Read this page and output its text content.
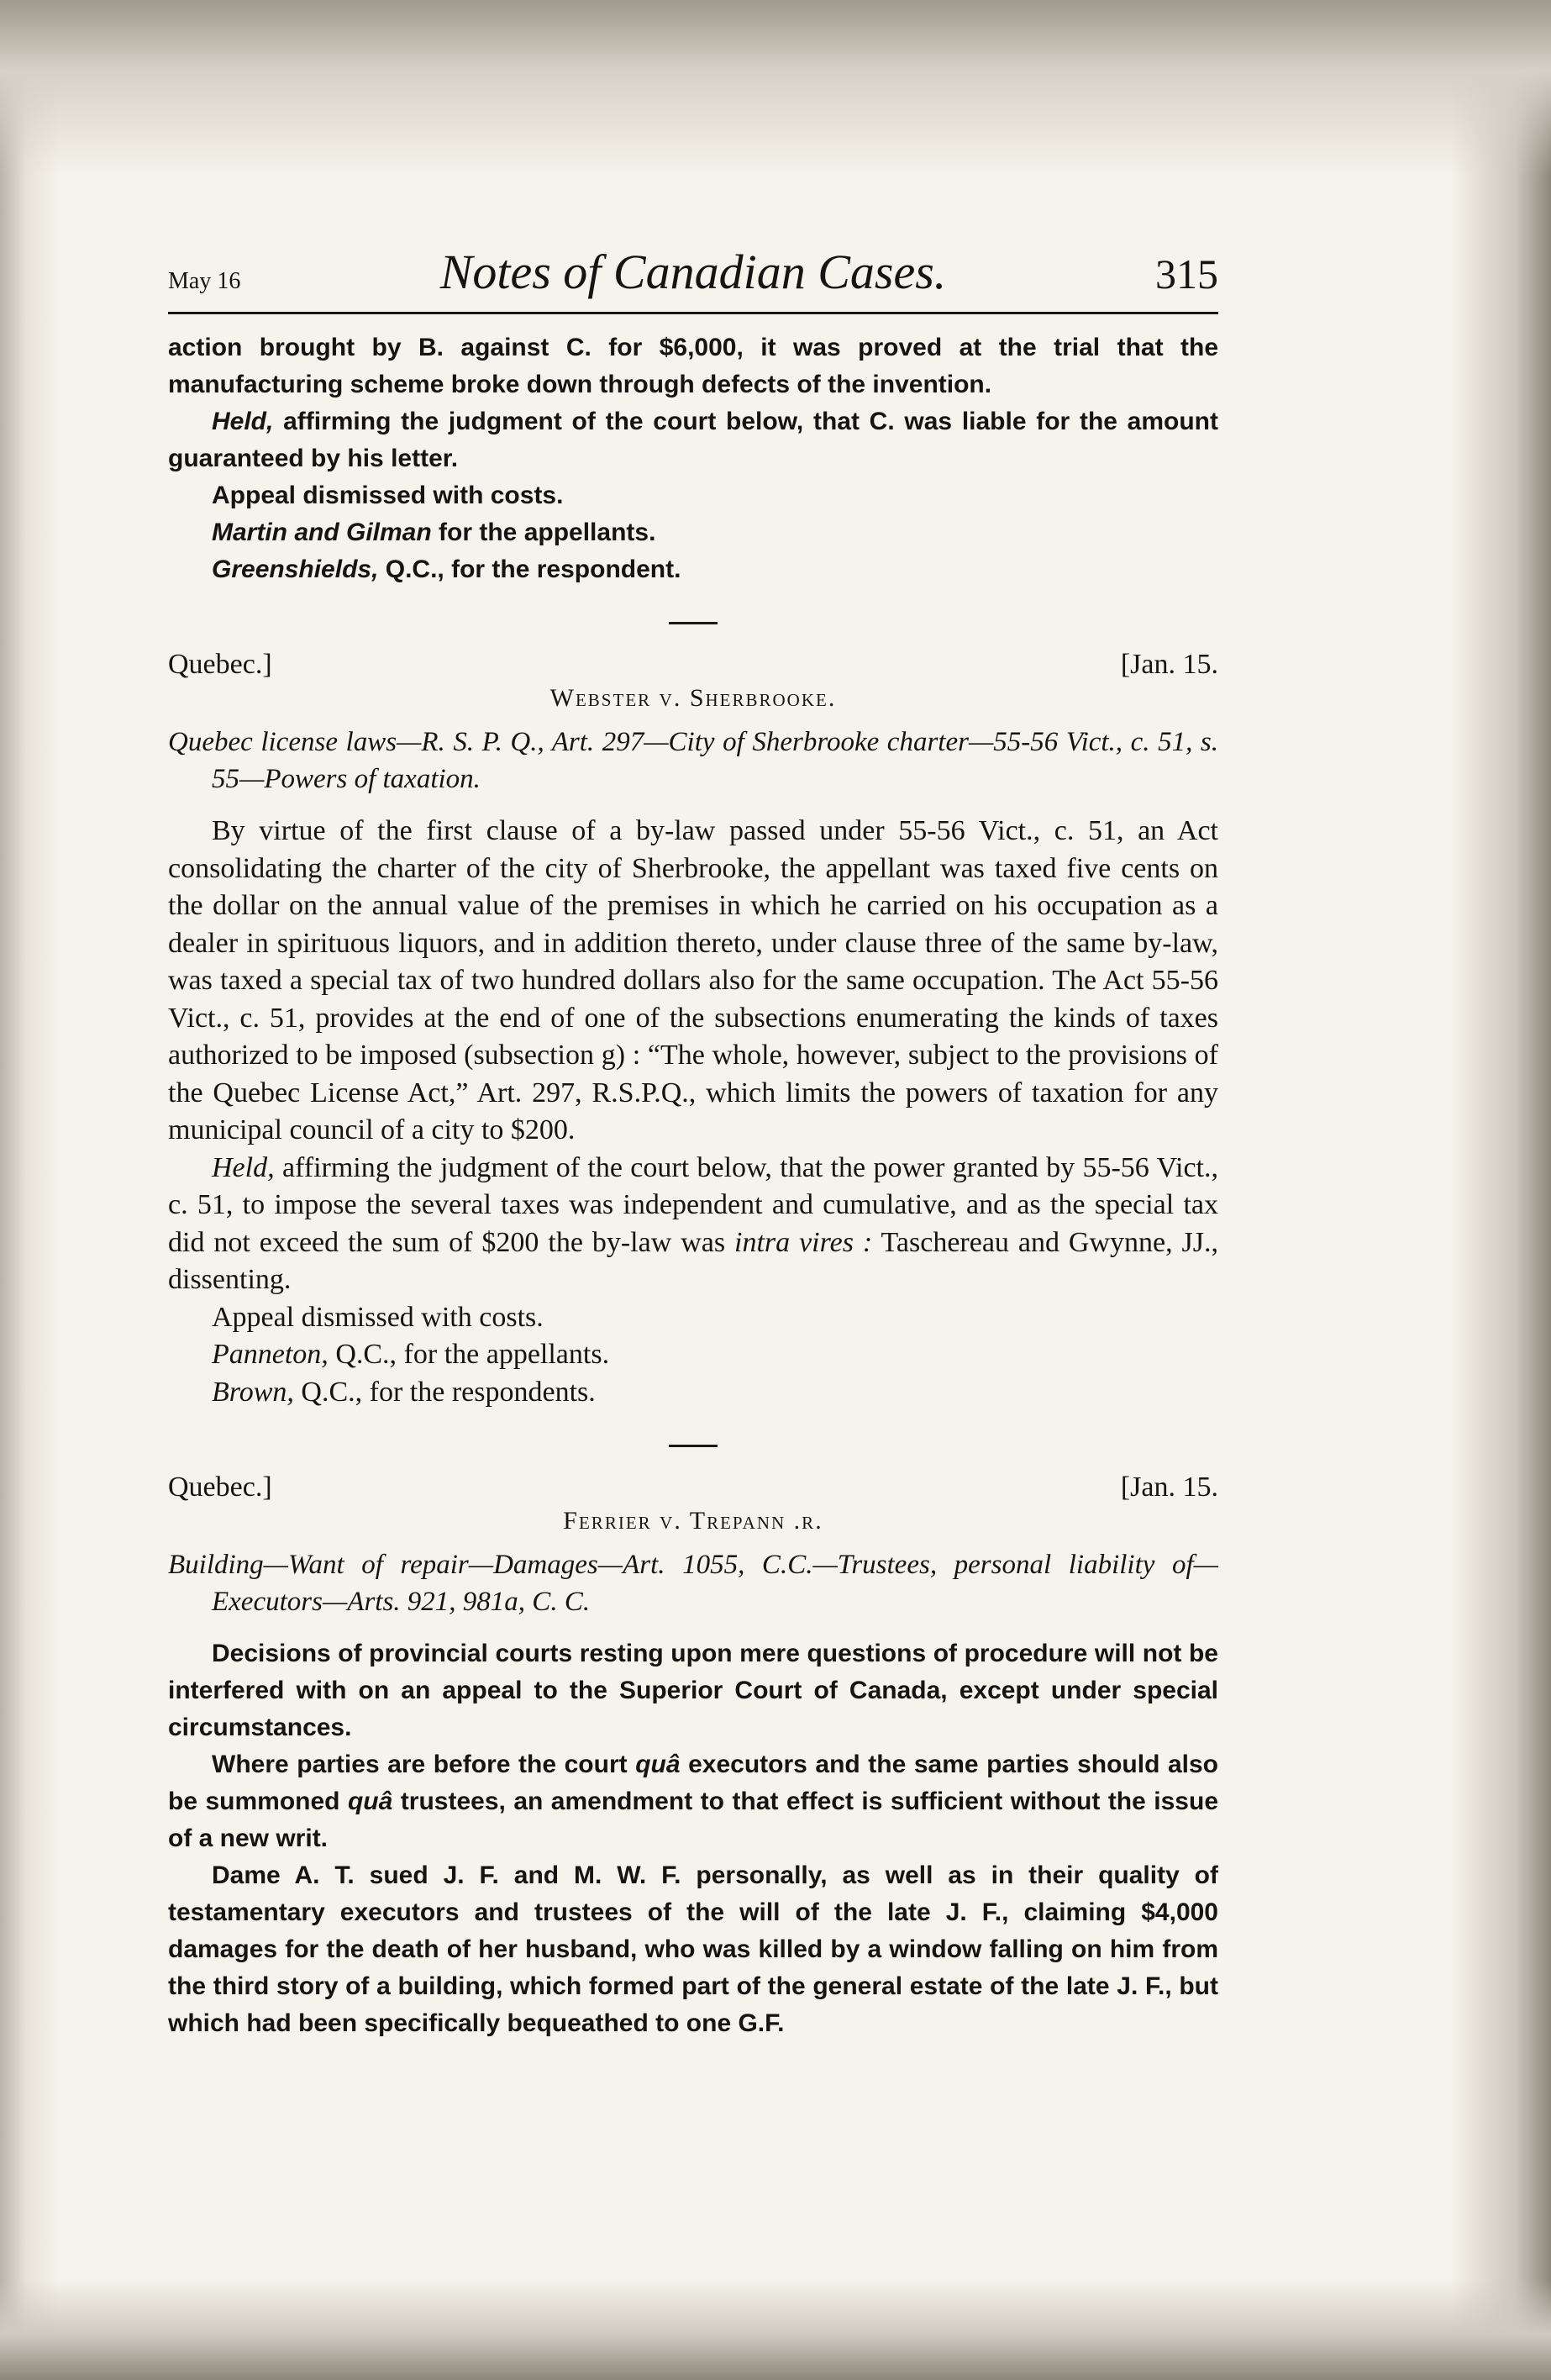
May 16	Notes of Canadian Cases.	315

action brought by B. against C. for $6,000, it was proved at the trial that the manufacturing scheme broke down through defects of the invention.

Held, affirming the judgment of the court below, that C. was liable for the amount guaranteed by his letter.

Appeal dismissed with costs.

Martin and Gilman for the appellants.

Greenshields, Q.C., for the respondent.

Quebec.]	[Jan. 15.
Webster v. Sherbrooke.

Quebec license laws—R. S. P. Q., Art. 297—City of Sherbrooke charter—55-56 Vict., c. 51, s. 55—Powers of taxation.

By virtue of the first clause of a by-law passed under 55-56 Vict., c. 51, an Act consolidating the charter of the city of Sherbrooke, the appellant was taxed five cents on the dollar on the annual value of the premises in which he carried on his occupation as a dealer in spirituous liquors, and in addition thereto, under clause three of the same by-law, was taxed a special tax of two hundred dollars also for the same occupation. The Act 55-56 Vict., c. 51, provides at the end of one of the subsections enumerating the kinds of taxes authorized to be imposed (subsection g) : “The whole, however, subject to the provisions of the Quebec License Act,” Art. 297, R.S.P.Q., which limits the powers of taxation for any municipal council of a city to $200.

Held, affirming the judgment of the court below, that the power granted by 55-56 Vict., c. 51, to impose the several taxes was independent and cumulative, and as the special tax did not exceed the sum of $200 the by-law was intra vires : Taschereau and Gwynne, JJ., dissenting.

Appeal dismissed with costs.

Panneton, Q.C., for the appellants.

Brown, Q.C., for the respondents.

Quebec.]	[Jan. 15.
Ferrier v. Trepann .r.

Building—Want of repair—Damages—Art. 1055, C.C.—Trustees, personal liability of—Executors—Arts. 921, 981a, C. C.

Decisions of provincial courts resting upon mere questions of procedure will not be interfered with on an appeal to the Superior Court of Canada, except under special circumstances.

Where parties are before the court quâ executors and the same parties should also be summoned quâ trustees, an amendment to that effect is sufficient without the issue of a new writ.

Dame A. T. sued J. F. and M. W. F. personally, as well as in their quality of testamentary executors and trustees of the will of the late J. F., claiming $4,000 damages for the death of her husband, who was killed by a window falling on him from the third story of a building, which formed part of the general estate of the late J. F., but which had been specifically bequeathed to one G.F.
